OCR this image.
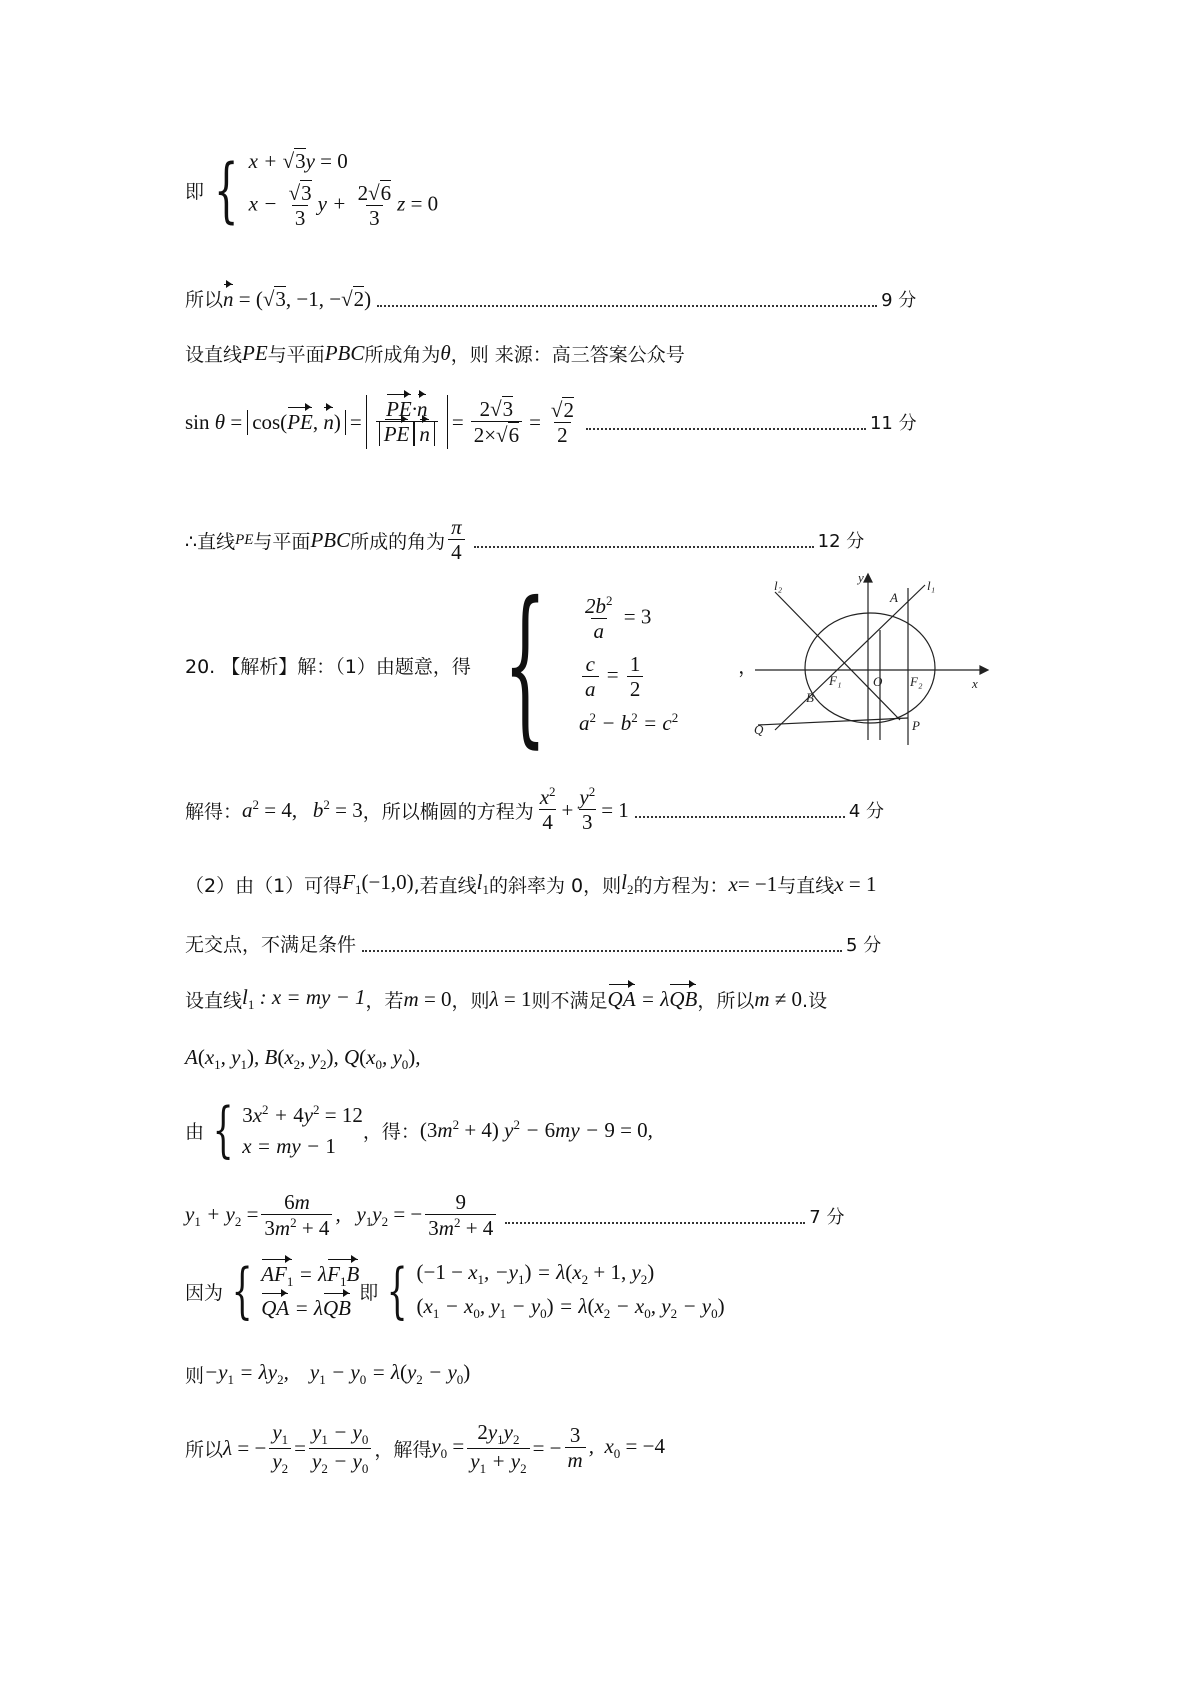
即 { x + √3y = 0
$x - \frac{√3}{3}$ $y + \frac{2√6}{3}$ z = 0
所以 n = (√3, −1, −√2)	9 分
设直线 PE 与平面 PBC 所成角为 θ ，则 来源：高三答案公众号
sin θ = cos(PE, $n) = \frac{PE\cdot n}{\text{PE n}} = \frac{2√3}{2\times√6} = \frac{√2}{2}$	11 分
∴直线 PE 与平面 PBC 所成的角为 $\frac{\pi}{4}$	12 分
20. 【解析】解：（1）由题意，得 { $\frac{2b^2}{a} = 3$
$\frac{c}{a} = \frac{1}{2}$
$a^2 - b^2 = c^2$
，
y
x
O
A
B
F₁	F₂
P
Q
l₂	l₁
解得： $a^2 = 4$,   $b^2 = 3$ ，所以椭圆的方程为 $\frac{x^2}{4} + \frac{y^2}{3} = 1$	4 分
（2）由（1）可得 $F_1(-1,0)$ ,若直线 $l_1$ 的斜率为 0，则 $l_2$ 的方程为： x= −1 与直线 x = 1
无交点，不满足条件	5 分
设直线 $l_1$ : x = my − 1 ，若 m = 0 ，则 λ = 1 则不满足 QA = λQB ，所以 m ≠ 0 .设
$A(x_1$, $y_1$), $B(x_2$, $y_2$), $Q(x_0$, $y_0$),
由 { $3x^2 + 4y^2 = 12$
x = my − 1
，得： $(3m^2 + 4) y^2 - 6my - 9 = 0$,
$y_1 + y_2 = \frac{6m}{3m^2 + 4}$ ,   $y_1y_2$ = − $\frac{9}{3m^2 + 4}$	7 分
因为 { $AF_1 = \lambda F_1B$
QA = λQB
即 { ($-1 - x_1$, $-y_1) = \lambda(x_2 + 1$, $y_2$)
($x_1 - x_0$, $y_1 - y_0) = \lambda(x_2 - x_0$, $y_2 - y_0$)
则 $-y_1 = \lambda y_2$,    $y_1 - y_0 = \lambda(y_2 - y_0)$
所以 λ = − $\frac{y_1}{y_2} = \frac{y_1 - y_0}{y_2 - y_0}$ ，解得 $y_0 = \frac{2y_1y_2}{y_1 + y_2}$ = − $\frac{3}{m}$ ,  $x_0 = -4$
